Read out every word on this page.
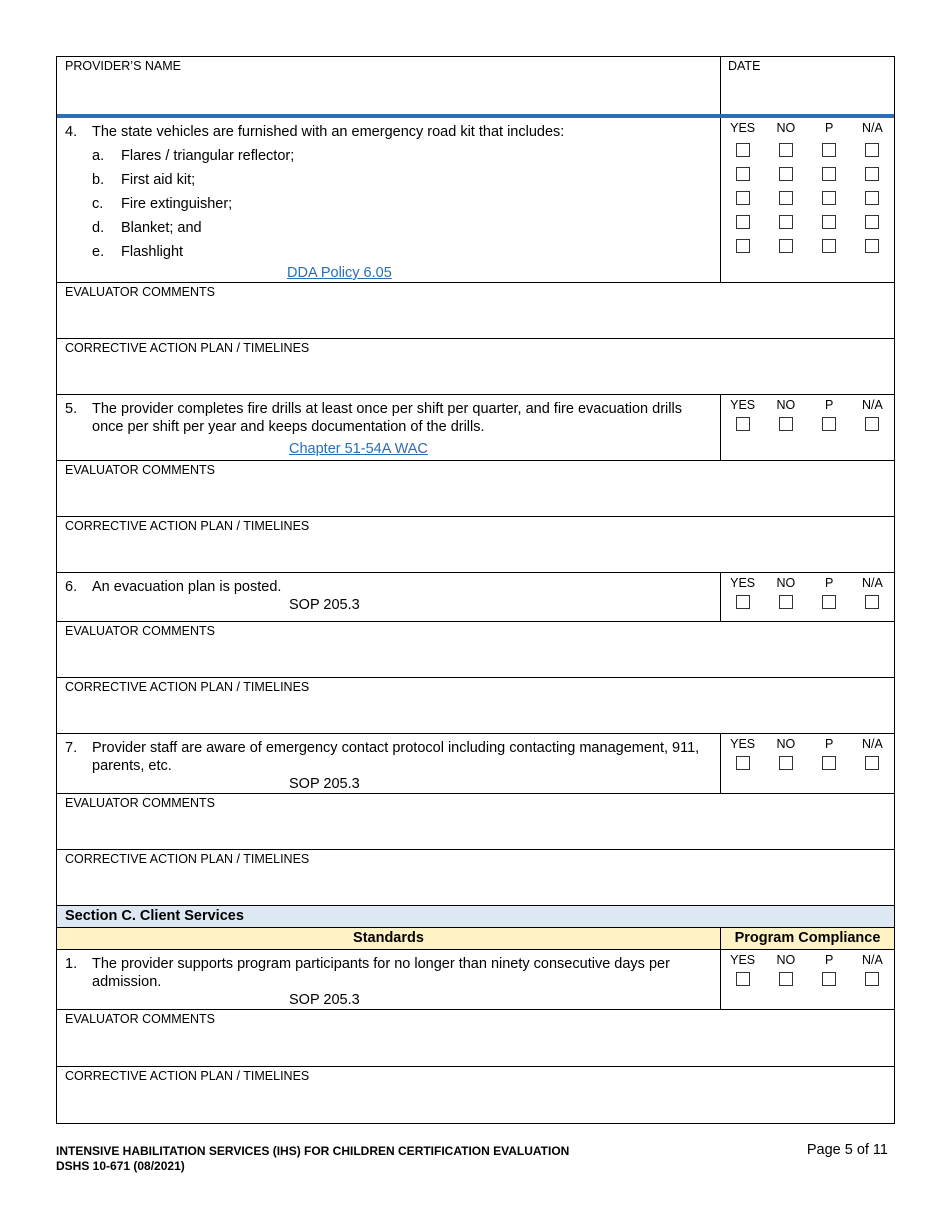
PROVIDER’S NAME	DATE
4.	The state vehicles are furnished with an emergency road kit that includes:
a.	Flares / triangular reflector;
b.	First aid kit;
c.	Fire extinguisher;
d.	Blanket; and
e.	Flashlight
DDA Policy 6.05
YES	NO	P	N/A
EVALUATOR COMMENTS
CORRECTIVE ACTION PLAN / TIMELINES
5.	The provider completes fire drills at least once per shift per quarter, and fire evacuation drills once per shift per year and keeps documentation of the drills.
Chapter 51-54A WAC
YES	NO	P	N/A
EVALUATOR COMMENTS
CORRECTIVE ACTION PLAN / TIMELINES
6.	An evacuation plan is posted.
SOP 205.3
YES	NO	P	N/A
EVALUATOR COMMENTS
CORRECTIVE ACTION PLAN / TIMELINES
7.	Provider staff are aware of emergency contact protocol including contacting management, 911, parents, etc.
SOP 205.3
YES	NO	P	N/A
EVALUATOR COMMENTS
CORRECTIVE ACTION PLAN / TIMELINES
Section C. Client Services
Standards	Program Compliance
1.	The provider supports program participants for no longer than ninety consecutive days per admission.
SOP 205.3
YES	NO	P	N/A
EVALUATOR COMMENTS
CORRECTIVE ACTION PLAN / TIMELINES
INTENSIVE HABILITATION SERVICES (IHS) FOR CHILDREN CERTIFICATION EVALUATION
DSHS 10-671 (08/2021)
Page 5 of 11
